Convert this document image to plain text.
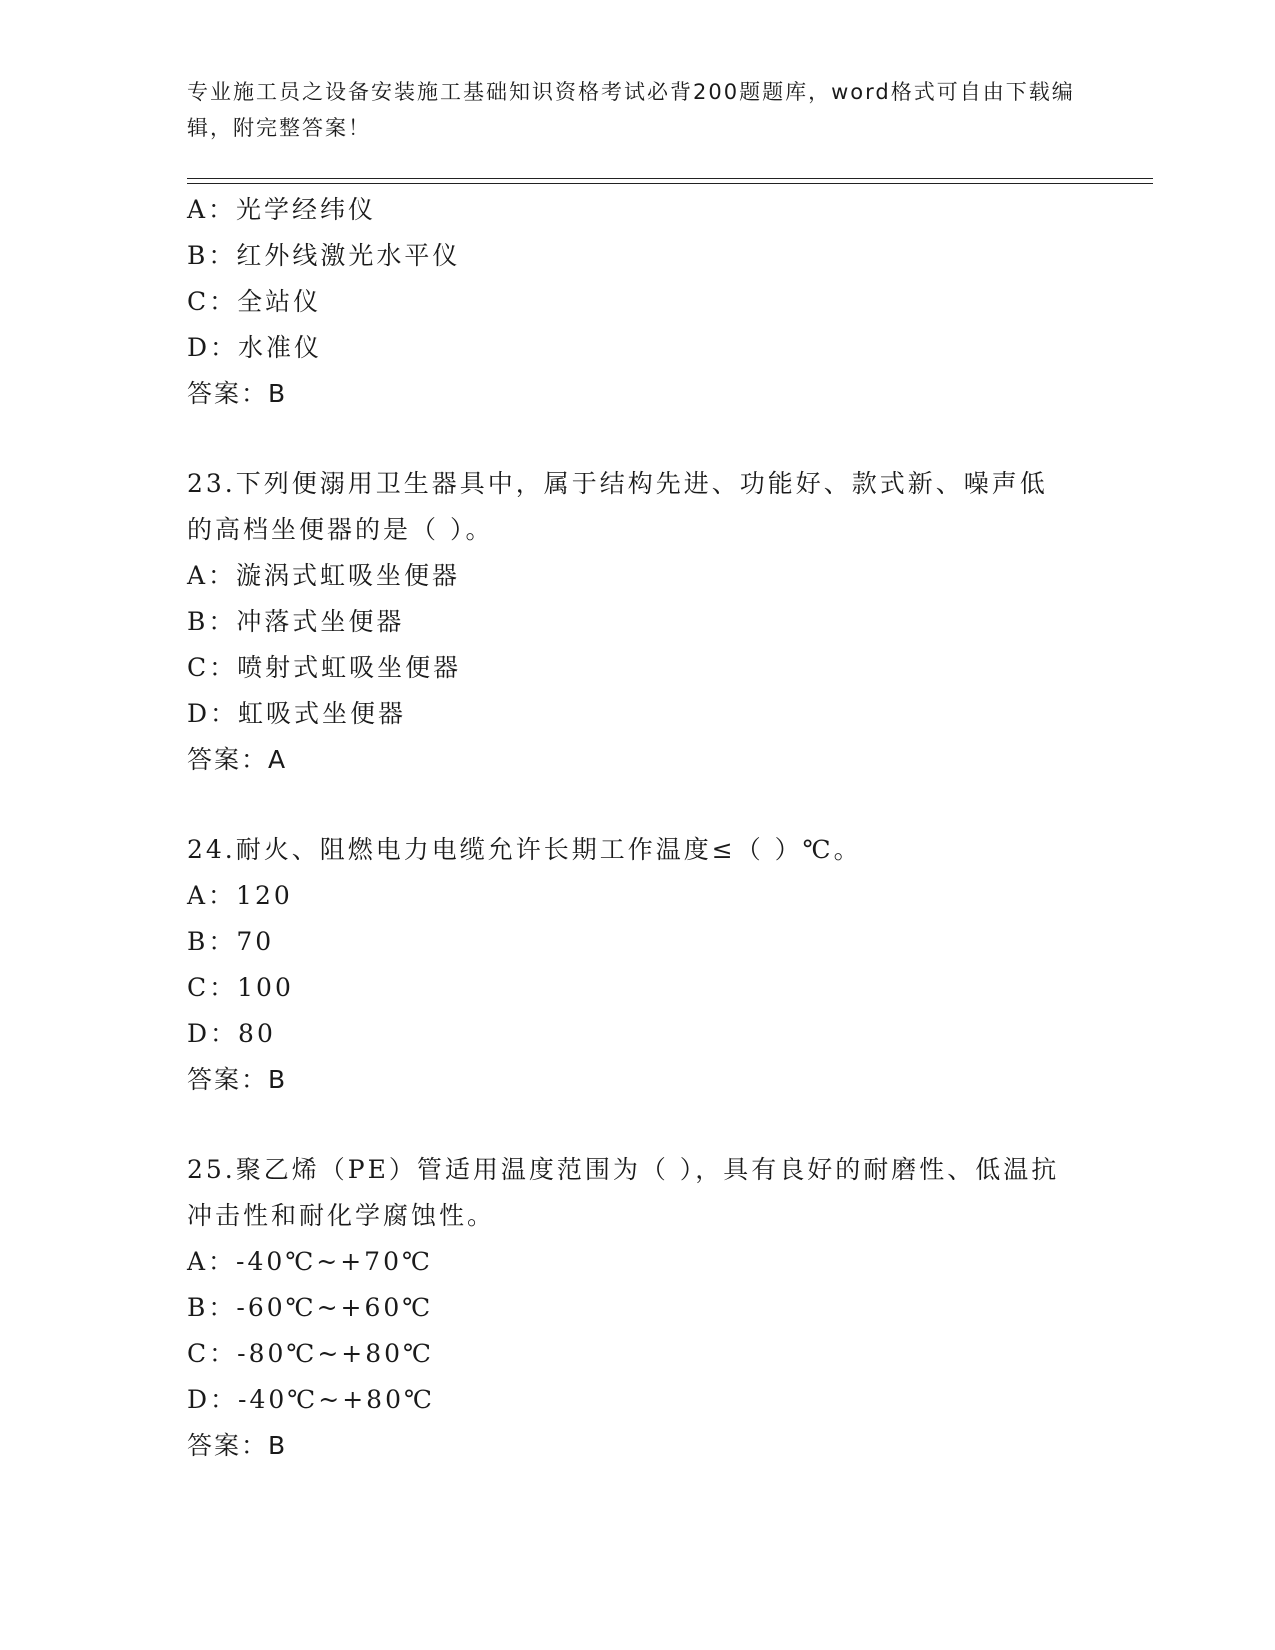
专业施工员之设备安装施工基础知识资格考试必背200题题库，word格式可自由下载编辑，附完整答案！
A：光学经纬仪
B：红外线激光水平仪
C：全站仪
D：水准仪
答案：B
23.下列便溺用卫生器具中，属于结构先进、功能好、款式新、噪声低的高档坐便器的是（ ）。
A：漩涡式虹吸坐便器
B：冲落式坐便器
C：喷射式虹吸坐便器
D：虹吸式坐便器
答案：A
24.耐火、阻燃电力电缆允许长期工作温度≤（ ）℃。
A：120
B：70
C：100
D：80
答案：B
25.聚乙烯（PE）管适用温度范围为（ ），具有良好的耐磨性、低温抗冲击性和耐化学腐蚀性。
A：-40℃~+70℃
B：-60℃~+60℃
C：-80℃~+80℃
D：-40℃~+80℃
答案：B
